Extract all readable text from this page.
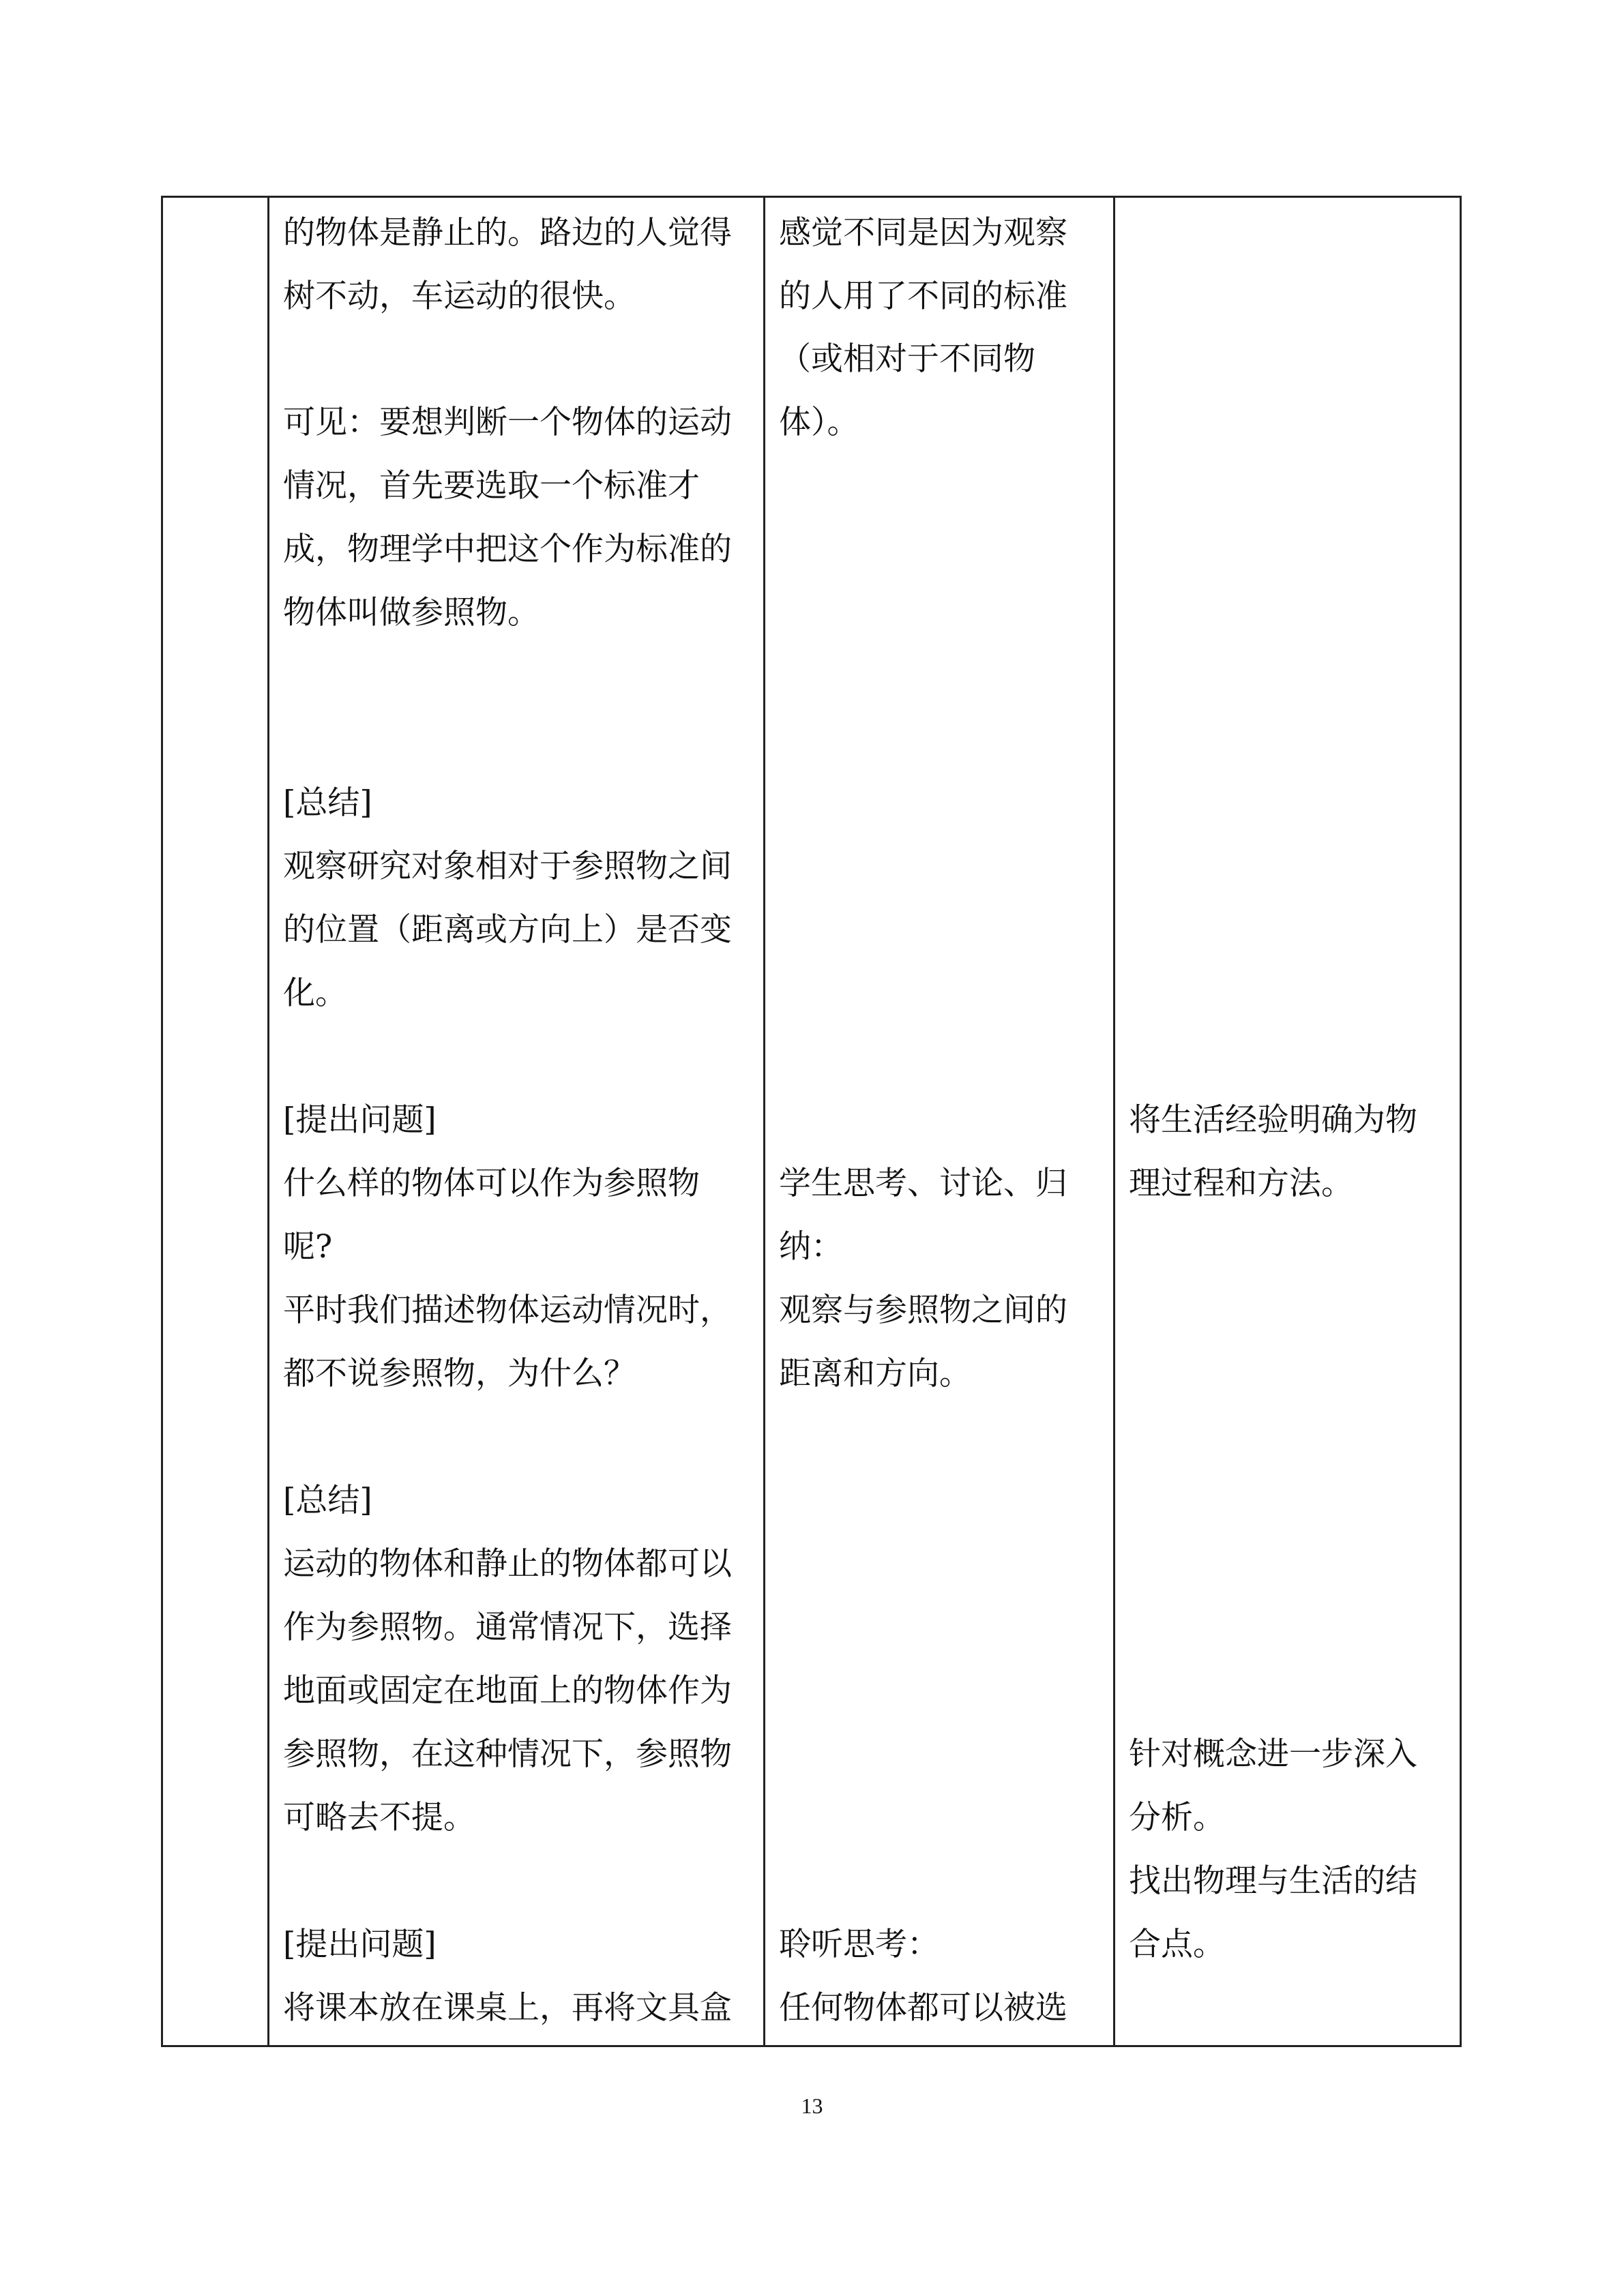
的物体是静止的。路边的人觉得
树不动，车运动的很快。
可见：要想判断一个物体的运动
情况，首先要选取一个标准才
成，物理学中把这个作为标准的
物体叫做参照物。
[总结]
观察研究对象相对于参照物之间
的位置（距离或方向上）是否变
化。
[提出问题]
什么样的物体可以作为参照物
呢?
平时我们描述物体运动情况时，
都不说参照物，为什么？
[总结]
运动的物体和静止的物体都可以
作为参照物。通常情况下，选择
地面或固定在地面上的物体作为
参照物，在这种情况下，参照物
可略去不提。
[提出问题]
将课本放在课桌上，再将文具盒
感觉不同是因为观察
的人用了不同的标准
（或相对于不同物
体）。
学生思考、讨论、归
纳：
观察与参照物之间的
距离和方向。
聆听思考：
任何物体都可以被选
将生活经验明确为物
理过程和方法。
针对概念进一步深入
分析。
找出物理与生活的结
合点。
13
